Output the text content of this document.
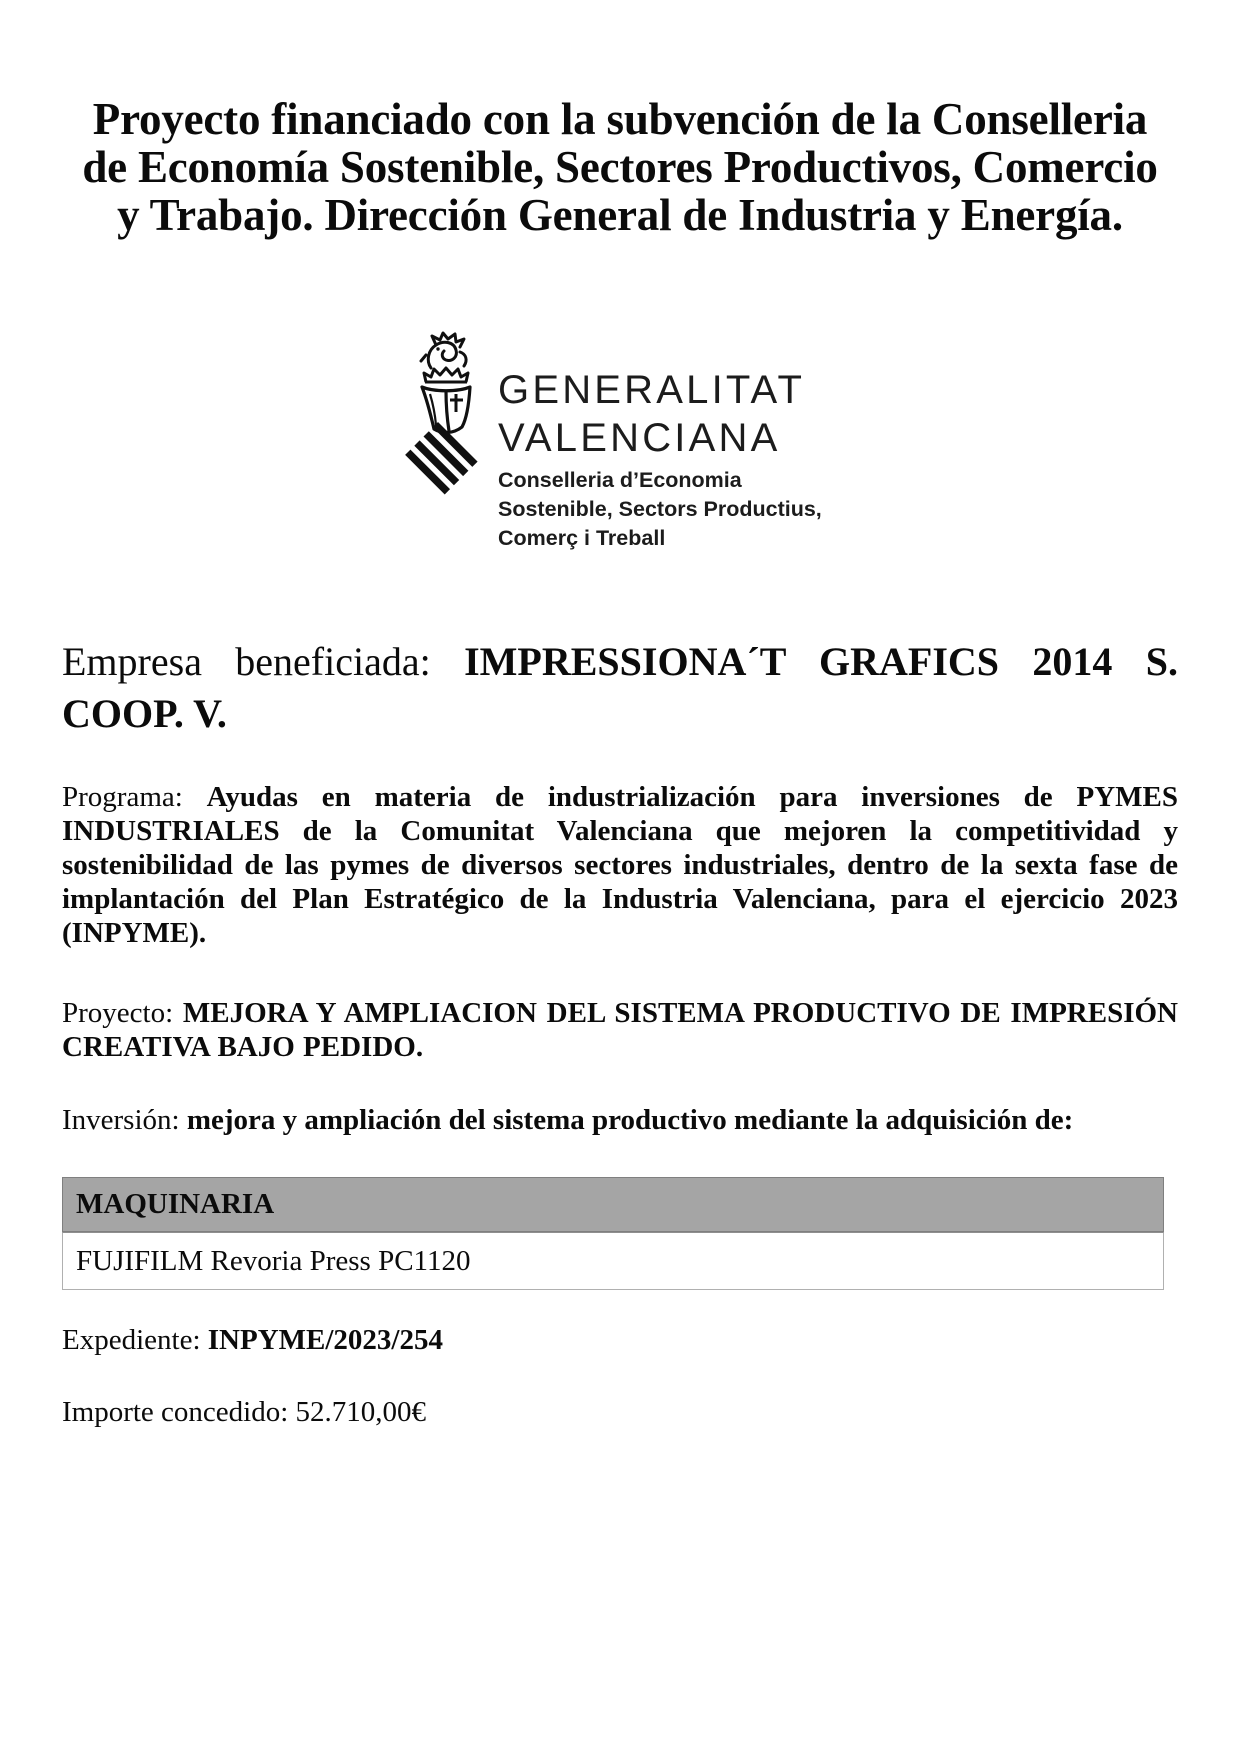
Proyecto financiado con la subvención de la Conselleria de Economía Sostenible, Sectores Productivos, Comercio y Trabajo. Dirección General de Industria y Energía.
GENERALITAT
VALENCIANA
Conselleria d’Economia
Sostenible, Sectors Productius,
Comerç i Treball

Empresa beneficiada: IMPRESSIONA´T GRAFICS 2014 S. COOP. V.

Programa: Ayudas en materia de industrialización para inversiones de PYMES INDUSTRIALES de la Comunitat Valenciana que mejoren la competitividad y sostenibilidad de las pymes de diversos sectores industriales, dentro de la sexta fase de implantación del Plan Estratégico de la Industria Valenciana, para el ejercicio 2023 (INPYME).

Proyecto: MEJORA Y AMPLIACION DEL SISTEMA PRODUCTIVO DE IMPRESIÓN CREATIVA BAJO PEDIDO.

Inversión: mejora y ampliación del sistema productivo mediante la adquisición de:

MAQUINARIA
FUJIFILM Revoria Press PC1120

Expediente: INPYME/2023/254

Importe concedido: 52.710,00€
